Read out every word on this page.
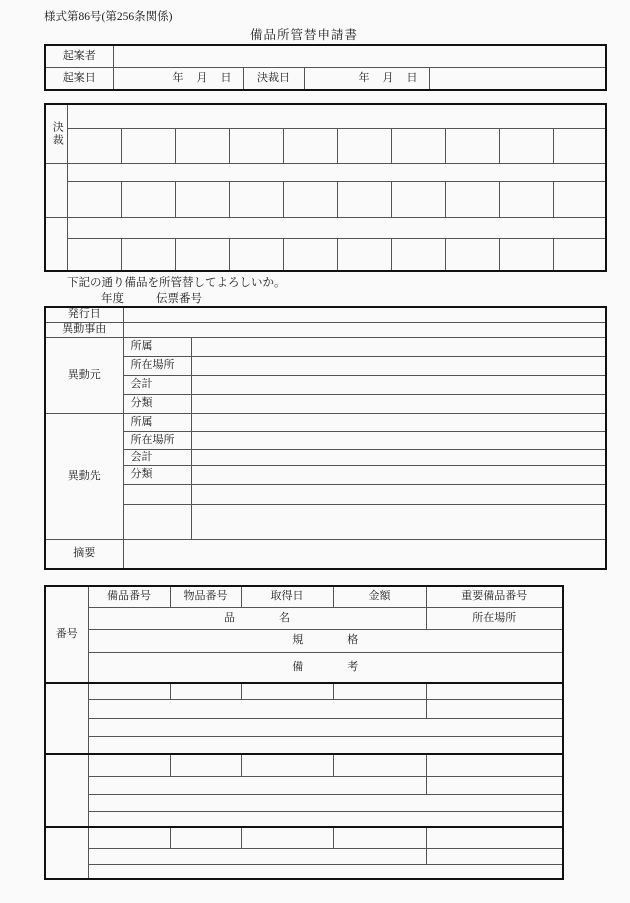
様式第86号(第256条関係)
備品所管替申請書
起案者				
起案日	年　月　日	決裁日	年　月　日	
決裁										

下記の通り備品を所管替してよろしいか。
年度	伝票番号
発行日		
異動事由		
異動元	所属	
	所在場所	
	会計	
	分類	
異動先	所属	
	所在場所	
	会計	
	分類	

摘要		
番号	備品番号	物品番号	取得日	金額	重要備品番号
	品　　　　名				所在場所
	規　　　　格				
	備　　　　考				
